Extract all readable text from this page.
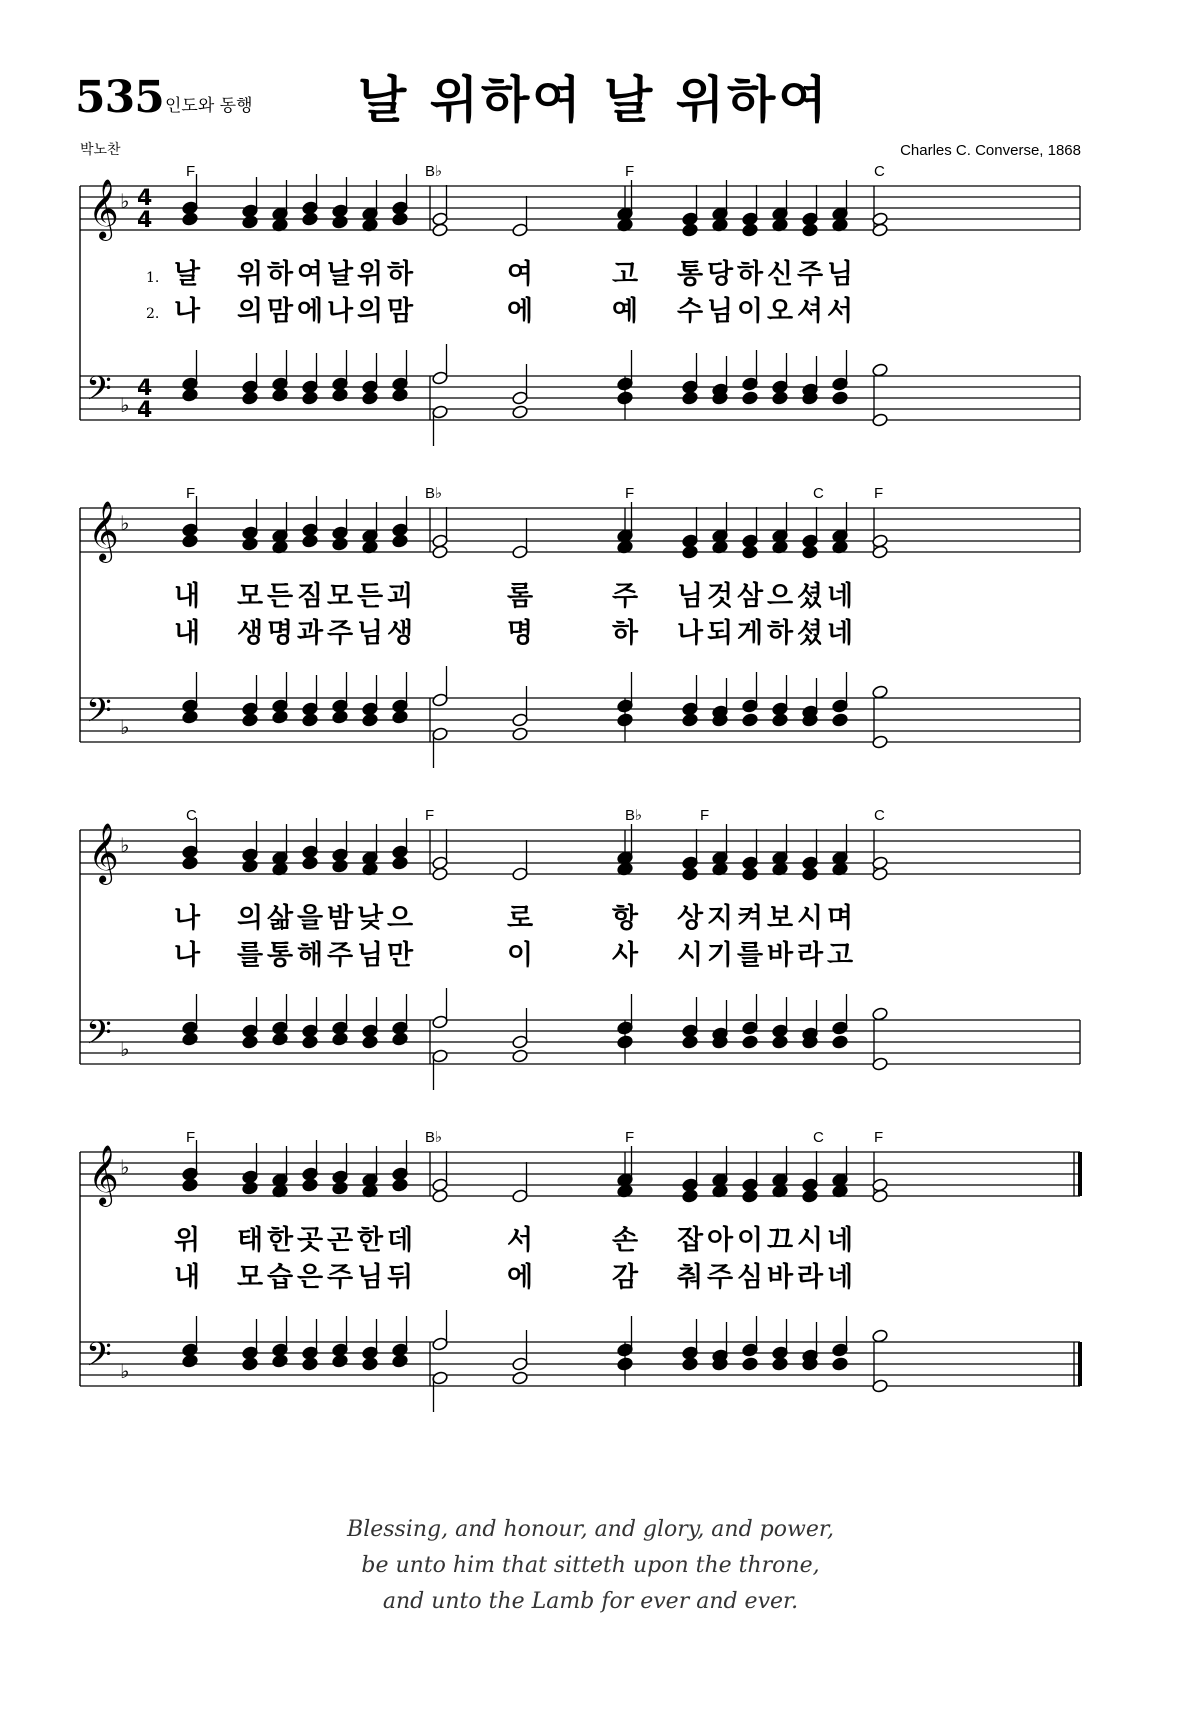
535 인도와 동행 날 위하여 날 위하여
박노찬	Charles C. Converse, 1868
𝄞
𝄢
♭
♭
4
4
4
4
F	B♭	F	C
1.
2.
날 위 하 여 날 위 하	여	고 통 당 하 신 주 님
나 의 맘 에 나 의 맘	에	예 수 님 이 오 셔 서
𝄞
𝄢
♭
♭
F	B♭	F	C	F
내 모 든 짐 모 든 괴	롬	주 님 것 삼 으 셨 네
내 생 명 과 주 님 생	명	하 나 되 게 하 셨 네
𝄞
𝄢
♭
♭
C	F	B♭	F	C
나 의 삶 을 밤 낮 으	로	항 상 지 켜 보 시 며
나 를 통 해 주 님 만	이	사 시 기 를 바 라 고
𝄞
𝄢
♭
♭
F	B♭	F	C	F
위 태 한 곳 곤 한 데	서	손 잡 아 이 끄 시 네
내 모 습 은 주 님 뒤	에	감 춰 주 심 바 라 네
Blessing, and honour, and glory, and power,
be unto him that sitteth upon the throne,
and unto the Lamb for ever and ever.
